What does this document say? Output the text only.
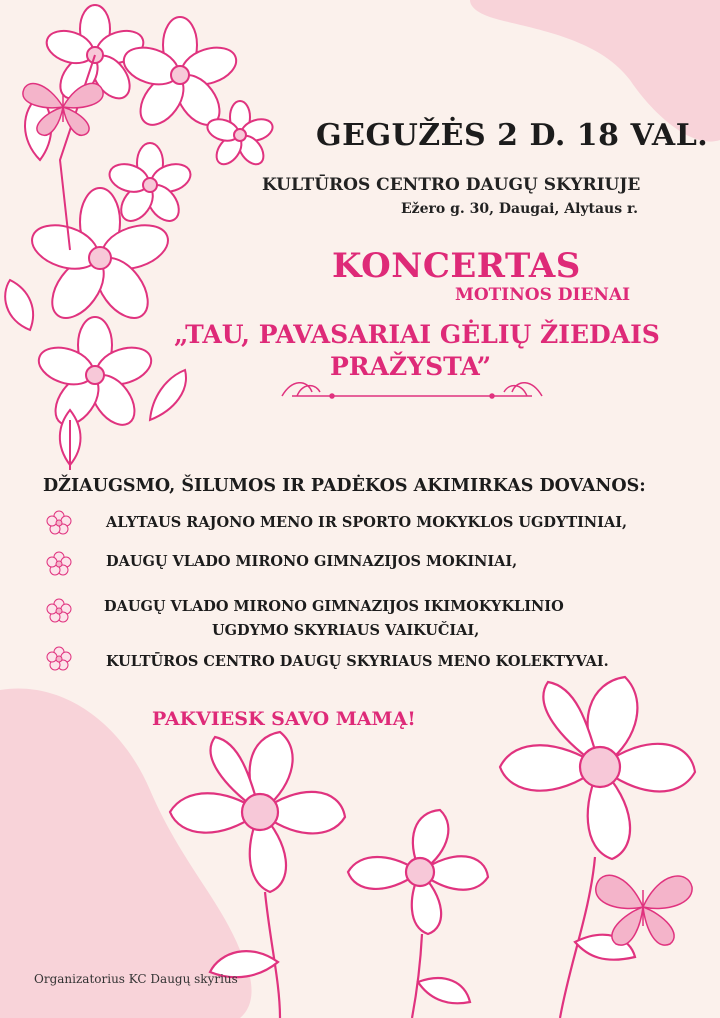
GEGUŽĖS 2 D. 18 VAL.

KULTŪROS CENTRO DAUGŲ SKYRIUJE

Ežero g. 30, Daugai, Alytaus r.

KONCERTAS

MOTINOS DIENAI

„TAU, PAVASARIAI GĖLIŲ ŽIEDAIS

PRAŽYSTA”

DŽIAUGSMO, ŠILUMOS IR PADĖKOS AKIMIRKAS DOVANOS:

ALYTAUS RAJONO MENO IR SPORTO MOKYKLOS UGDYTINIAI,
DAUGŲ VLADO MIRONO GIMNAZIJOS MOKINIAI,
DAUGŲ VLADO MIRONO GIMNAZIJOS IKIMOKYKLINIO
UGDYMO SKYRIAUS VAIKUČIAI,
KULTŪROS CENTRO DAUGŲ SKYRIAUS MENO KOLEKTYVAI.

PAKVIESK SAVO MAMĄ!

Organizatorius KC Daugų skyrius
